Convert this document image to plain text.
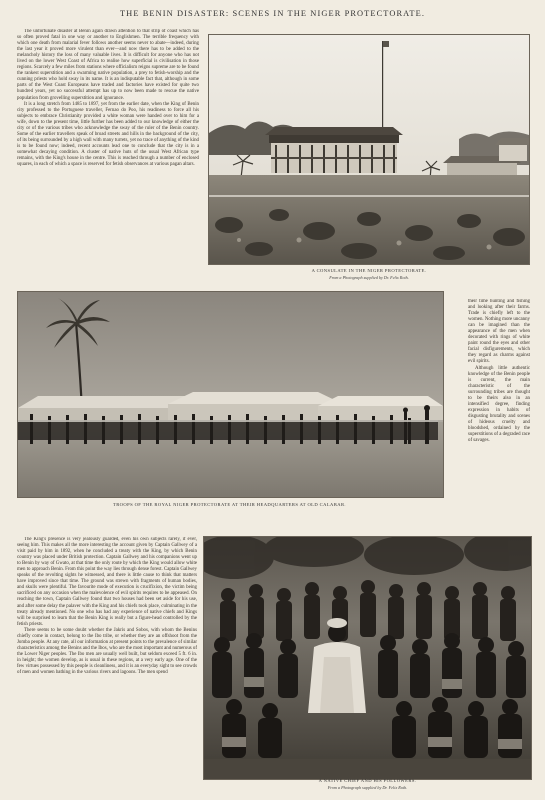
THE BENIN DISASTER: SCENES IN THE NIGER PROTECTORATE.

The unfortunate disaster at Benin again drawn attention to that strip of coast which has so often proved fatal in one way or another to Englishmen. The terrible frequency with which one death from malarial fever follows another seems never to abate—indeed, during the last year it proved more virulent than ever—and now there has to be added to the melancholy history the loss of many valuable lives. It is difficult for anyone who has not lived on the lower West Coast of Africa to realise how superficial is civilisation in those regions. Scarcely a few miles from stations where officialism reigns supreme are to be found the rankest superstition and a swarming native population, a prey to fetish-worship and the cunning priests who hold sway in its name. It is an indisputable fact that, although in some parts of the West Coast Europeans have traded and factories have existed for quite two hundred years, yet no successful attempt has up to now been made to rescue the native population from grovelling superstition and ignorance.

It is a long stretch from 1485 to 1897, yet from the earlier date, when the King of Benin city professed to the Portuguese traveller, Fernao do Poo, his readiness to force all his subjects to embrace Christianity provided a white woman were handed over to him for a wife, down to the present time, little further has been added to our knowledge of either the city or of the various tribes who acknowledge the sway of the ruler of the Benin country. Some of the earlier travellers speak of broad streets and hills in the background of the city, of its being surrounded by a high wall with many turrets, yet no trace of anything of the kind is to be found now; indeed, recent accounts lead one to conclude that the city is in a somewhat decaying condition. A cluster of native huts of the usual West African type remains, with the King's house in the centre. This is reached through a number of enclosed squares, in each of which a space is reserved for fetish observances at various pagan altars.

A CONSULATE IN THE NIGER PROTECTORATE.
From a Photograph supplied by Dr. Felix Roth.
TROOPS OF THE ROYAL NIGER PROTECTORATE AT THEIR HEADQUARTERS AT OLD CALABAR.

their time hunting and fishing and looking after their farms. Trade is chiefly left to the women. Nothing more uncanny can be imagined than the appearance of the men when decorated with rings of white paint round the eyes and other facial disfigurements, which they regard as charms against evil spirits.

Although little authentic knowledge of the Benin people is current, the main characteristic of the surrounding tribes are thought to be theirs also in an intensified degree, finding expression in habits of disgusting brutality and scenes of hideous cruelty and bloodshed, ordained by the superstitions of a degraded race of savages.

The King's presence is very jealously guarded, even his own subjects rarely, if ever, seeing him. This makes all the more interesting the account given by Captain Gallwey of a visit paid by him in 1892, when he concluded a treaty with the King, by which Benin country was placed under British protection. Captain Gallwey and his companions went up to Benin by way of Gwato, at that time the only route by which the King would allow white men to approach Benin. From this point the way lies through dense forest. Captain Gallwey speaks of the revolting sights he witnessed, and there is little cause to think that matters have improved since that time. The ground was strewn with fragments of human bodies, and skulls were plentiful. The favourite mode of execution is crucifixion, the victim being sacrificed on any occasion when the malevolence of evil spirits requires to be appeased. On reaching the town, Captain Gallwey found that two houses had been set aside for his use, and after some delay the palaver with the King and his chiefs took place, culminating in the treaty already mentioned. No one who has had any experience of native chiefs and Kings will be surprised to learn that the Benin King is really but a figure-head controlled by the fetish priests.

There seems to be some doubt whether the Jakris and Sobos, with whom the Benins chiefly come in contact, belong to the Ibo tribe, or whether they are an offshoot from the Jomba people. At any rate, all our information at present points to the prevalence of similar characteristics among the Benins and the Ibos, who are the most important and numerous of the Lower Niger peoples. The Ibo men are usually well built, but seldom exceed 5 ft. 6 in. in height; the women develop, as is usual in these regions, at a very early age. One of the few virtues possessed by this people is cleanliness, and it is an everyday sight to see crowds of men and women bathing in the various rivers and lagoons. The men spend

A NATIVE CHIEF AND HIS FOLLOWERS.
From a Photograph supplied by Dr. Felix Roth.
